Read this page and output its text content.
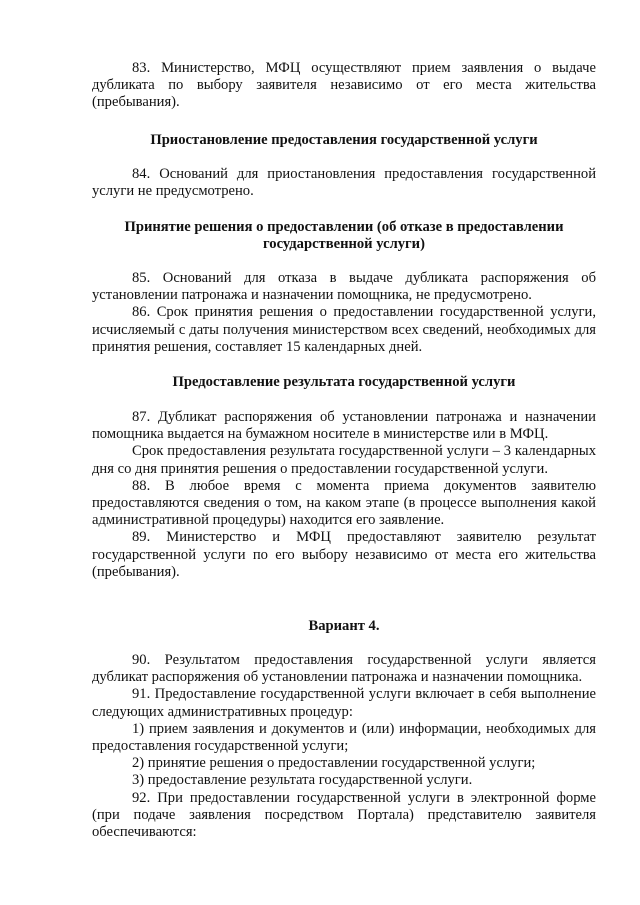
83. Министерство, МФЦ осуществляют прием заявления о выдаче дубликата по выбору заявителя независимо от его места жительства (пребывания).

Приостановление предоставления государственной услуги

84. Оснований для приостановления предоставления государственной услуги не предусмотрено.

Принятие решения о предоставлении (об отказе в предоставлении
государственной услуги)

85. Оснований для отказа в выдаче дубликата распоряжения об установлении патронажа и назначении помощника, не предусмотрено.

86. Срок принятия решения о предоставлении государственной услуги, исчисляемый с даты получения министерством всех сведений, необходимых для принятия решения, составляет 15 календарных дней.

Предоставление результата государственной услуги

87. Дубликат распоряжения об установлении патронажа и назначении помощника выдается на бумажном носителе в министерстве или в МФЦ.

Срок предоставления результата государственной услуги – 3 календарных дня со дня принятия решения о предоставлении государственной услуги.

88. В любое время с момента приема документов заявителю предоставляются сведения о том, на каком этапе (в процессе выполнения какой административной процедуры) находится его заявление.

89. Министерство и МФЦ предоставляют заявителю результат государственной услуги по его выбору независимо от места его жительства (пребывания).

Вариант 4.

90. Результатом предоставления государственной услуги является дубликат распоряжения об установлении патронажа и назначении помощника.

91. Предоставление государственной услуги включает в себя выполнение следующих административных процедур:

1) прием заявления и документов и (или) информации, необходимых для предоставления государственной услуги;

2) принятие решения о предоставлении государственной услуги;

3) предоставление результата государственной услуги.

92. При предоставлении государственной услуги в электронной форме (при подаче заявления посредством Портала) представителю заявителя обеспечиваются:
